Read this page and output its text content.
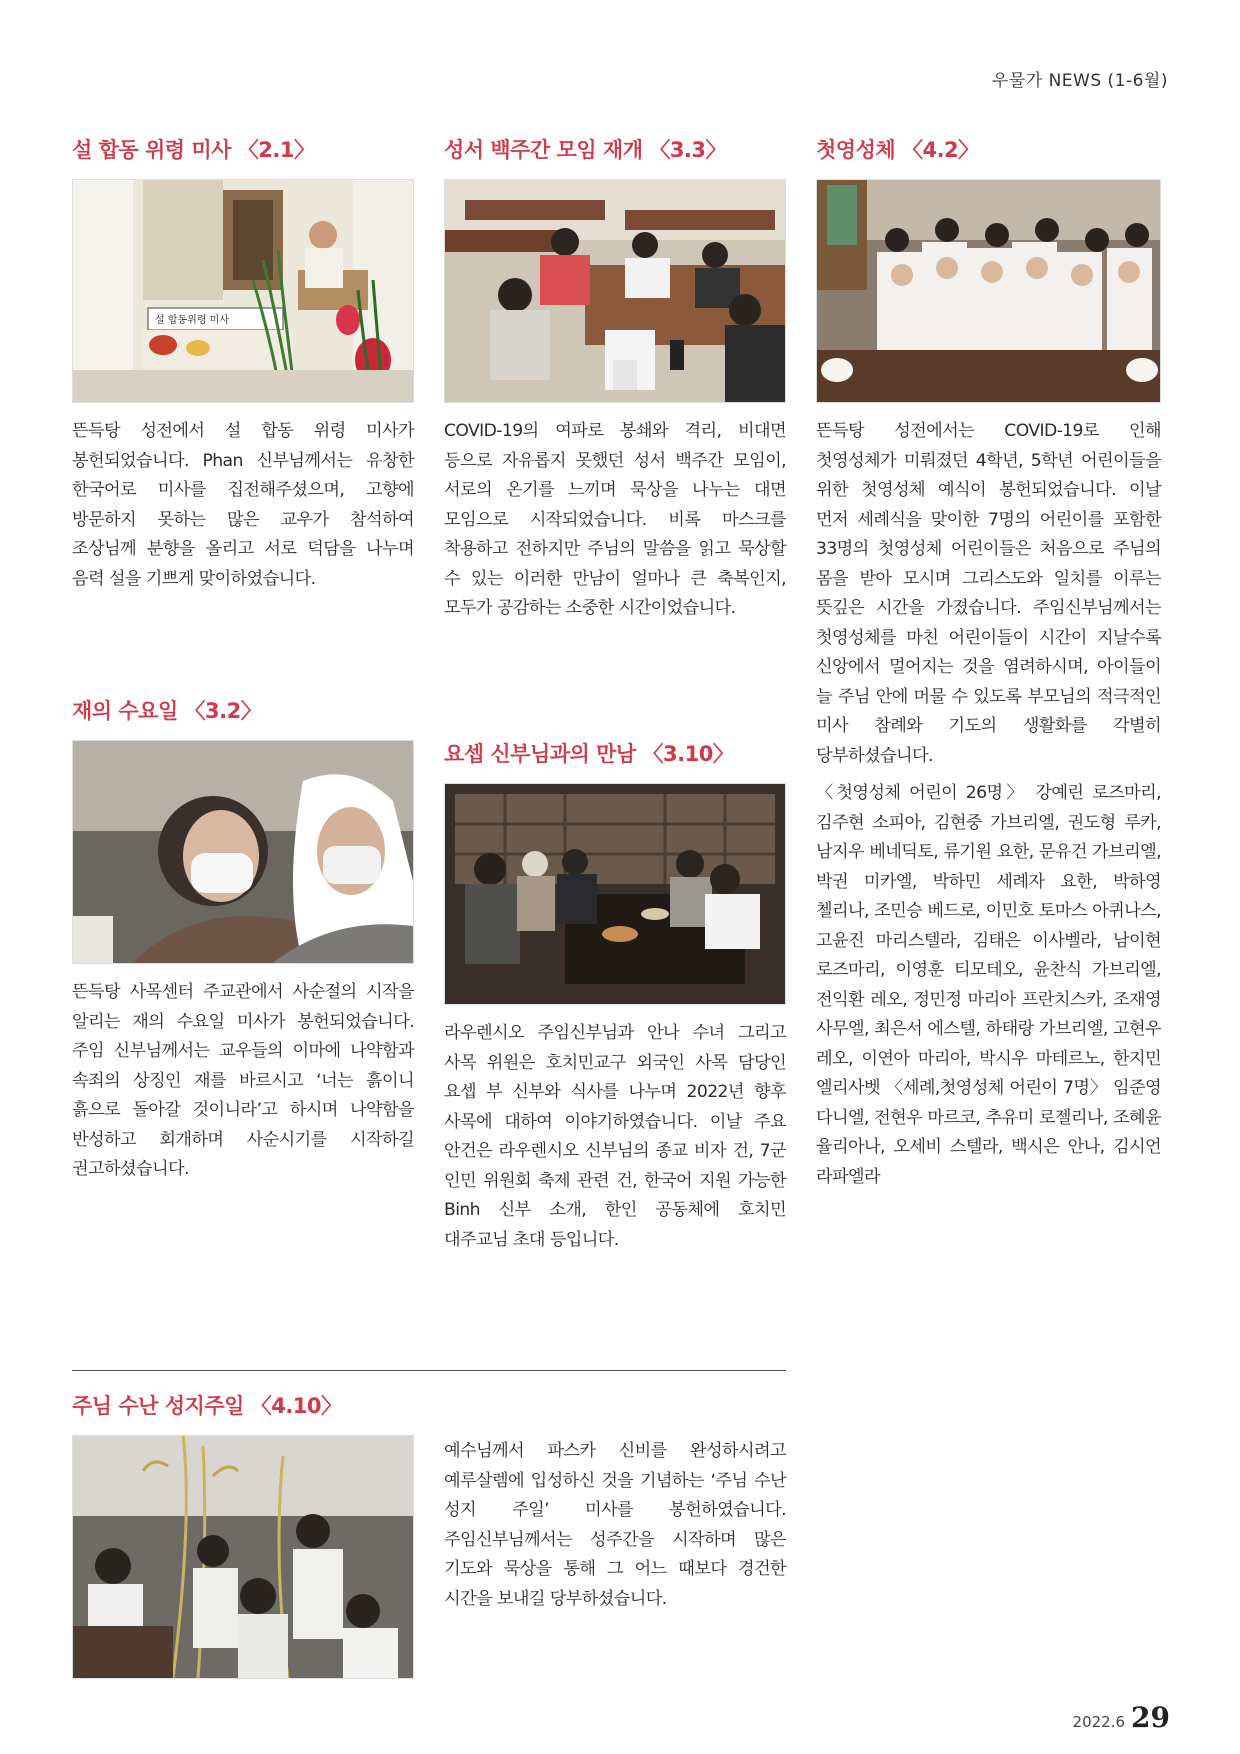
우물가 NEWS (1-6월)
설 합동 위령 미사 〈2.1〉
설 합동위령 미사

뜬득탕 성전에서 설 합동 위령 미사가 봉헌되었습니다. Phan 신부님께서는 유창한 한국어로 미사를 집전해주셨으며, 고향에 방문하지 못하는 많은 교우가 참석하여 조상님께 분향을 올리고 서로 덕담을 나누며 음력 설을 기쁘게 맞이하였습니다.

재의 수요일 〈3.2〉

뜬득탕 사목센터 주교관에서 사순절의 시작을 알리는 재의 수요일 미사가 봉헌되었습니다. 주임 신부님께서는 교우들의 이마에 나약함과 속죄의 상징인 재를 바르시고 ‘너는 흙이니 흙으로 돌아갈 것이니라’고 하시며 나약함을 반성하고 회개하며 사순시기를 시작하길 권고하셨습니다.

성서 백주간 모임 재개 〈3.3〉

COVID-19의 여파로 봉쇄와 격리, 비대면 등으로 자유롭지 못했던 성서 백주간 모임이, 서로의 온기를 느끼며 묵상을 나누는 대면 모임으로 시작되었습니다. 비록 마스크를 착용하고 전하지만 주님의 말씀을 읽고 묵상할 수 있는 이러한 만남이 얼마나 큰 축복인지, 모두가 공감하는 소중한 시간이었습니다.

요셉 신부님과의 만남 〈3.10〉

라우렌시오 주임신부님과 안나 수녀 그리고 사목 위원은 호치민교구 외국인 사목 담당인 요셉 부 신부와 식사를 나누며 2022년 향후 사목에 대하여 이야기하였습니다. 이날 주요 안건은 라우렌시오 신부님의 종교 비자 건, 7군 인민 위원회 축제 관련 건, 한국어 지원 가능한 Binh 신부 소개, 한인 공동체에 호치민 대주교님 초대 등입니다.

첫영성체 〈4.2〉

뜬득탕 성전에서는 COVID-19로 인해 첫영성체가 미뤄졌던 4학년, 5학년 어린이들을 위한 첫영성체 예식이 봉헌되었습니다. 이날 먼저 세례식을 맞이한 7명의 어린이를 포함한 33명의 첫영성체 어린이들은 처음으로 주님의 몸을 받아 모시며 그리스도와 일치를 이루는 뜻깊은 시간을 가졌습니다. 주임신부님께서는 첫영성체를 마친 어린이들이 시간이 지날수록 신앙에서 멀어지는 것을 염려하시며, 아이들이 늘 주님 안에 머물 수 있도록 부모님의 적극적인 미사 참례와 기도의 생활화를 각별히 당부하셨습니다.

〈첫영성체 어린이 26명〉 강예린 로즈마리, 김주현 소피아, 김현중 가브리엘, 권도형 루카, 남지우 베네딕토, 류기원 요한, 문유건 가브리엘, 박권 미카엘, 박하민 세례자 요한, 박하영 첼리나, 조민승 베드로, 이민호 토마스 아퀴나스, 고윤진 마리스텔라, 김태은 이사벨라, 남이현 로즈마리, 이영훈 티모테오, 윤찬식 가브리엘, 전익환 레오, 정민정 마리아 프란치스카, 조재영 사무엘, 최은서 에스텔, 하태랑 가브리엘, 고현우 레오, 이연아 마리아, 박시우 마테르노, 한지민 엘리사벳 〈세례,첫영성체 어린이 7명〉 임준영 다니엘, 전현우 마르코, 추유미 로젤리나, 조혜윤 율리아나, 오세비 스텔라, 백시은 안나, 김시언 라파엘라

주님 수난 성지주일 〈4.10〉

예수님께서 파스카 신비를 완성하시려고 예루살렘에 입성하신 것을 기념하는 ‘주님 수난 성지 주일’ 미사를 봉헌하였습니다. 주임신부님께서는 성주간을 시작하며 많은 기도와 묵상을 통해 그 어느 때보다 경건한 시간을 보내길 당부하셨습니다.

2022.6 29
